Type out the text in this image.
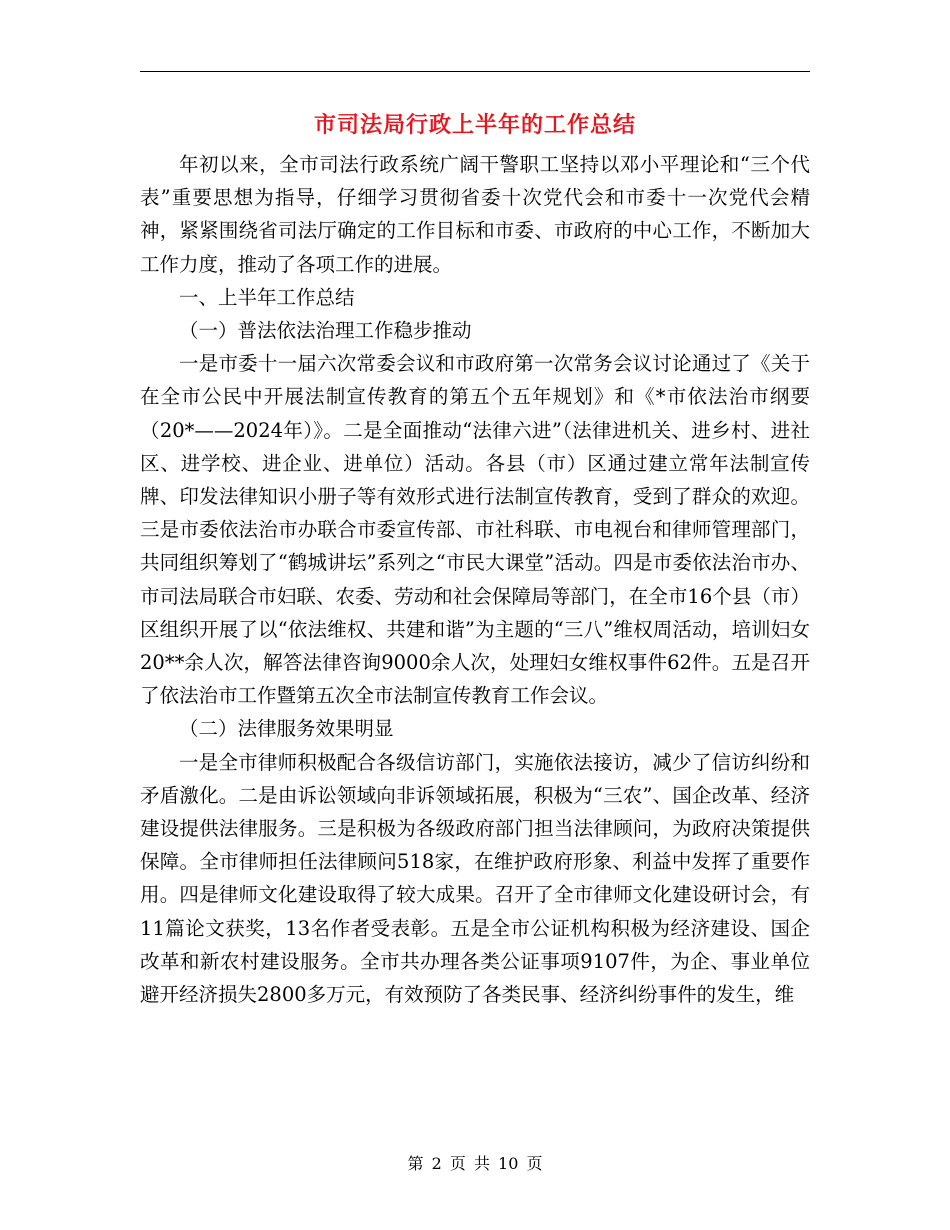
市司法局行政上半年的工作总结

年初以来，全市司法行政系统广阔干警职工坚持以邓小平理论和“三个代表”重要思想为指导，仔细学习贯彻省委十次党代会和市委十一次党代会精神，紧紧围绕省司法厅确定的工作目标和市委、市政府的中心工作，不断加大工作力度，推动了各项工作的进展。

一、上半年工作总结

（一）普法依法治理工作稳步推动

一是市委十一届六次常委会议和市政府第一次常务会议讨论通过了《关于在全市公民中开展法制宣传教育的第五个五年规划》和《*市依法治市纲要（20*——2024年）》。二是全面推动“法律六进”（法律进机关、进乡村、进社区、进学校、进企业、进单位）活动。各县（市）区通过建立常年法制宣传牌、印发法律知识小册子等有效形式进行法制宣传教育，受到了群众的欢迎。三是市委依法治市办联合市委宣传部、市社科联、市电视台和律师管理部门，共同组织筹划了“鹤城讲坛”系列之“市民大课堂”活动。四是市委依法治市办、市司法局联合市妇联、农委、劳动和社会保障局等部门，在全市16个县（市）区组织开展了以“依法维权、共建和谐”为主题的“三八”维权周活动，培训妇女20**余人次，解答法律咨询9000余人次，处理妇女维权事件62件。五是召开了依法治市工作暨第五次全市法制宣传教育工作会议。

（二）法律服务效果明显

一是全市律师积极配合各级信访部门，实施依法接访，减少了信访纠纷和矛盾激化。二是由诉讼领域向非诉领域拓展，积极为“三农”、国企改革、经济建设提供法律服务。三是积极为各级政府部门担当法律顾问，为政府决策提供保障。全市律师担任法律顾问518家，在维护政府形象、利益中发挥了重要作用。四是律师文化建设取得了较大成果。召开了全市律师文化建设研讨会，有11篇论文获奖，13名作者受表彰。五是全市公证机构积极为经济建设、国企改革和新农村建设服务。全市共办理各类公证事项9107件，为企、事业单位避开经济损失2800多万元，有效预防了各类民事、经济纠纷事件的发生，维

第 2 页 共 10 页
